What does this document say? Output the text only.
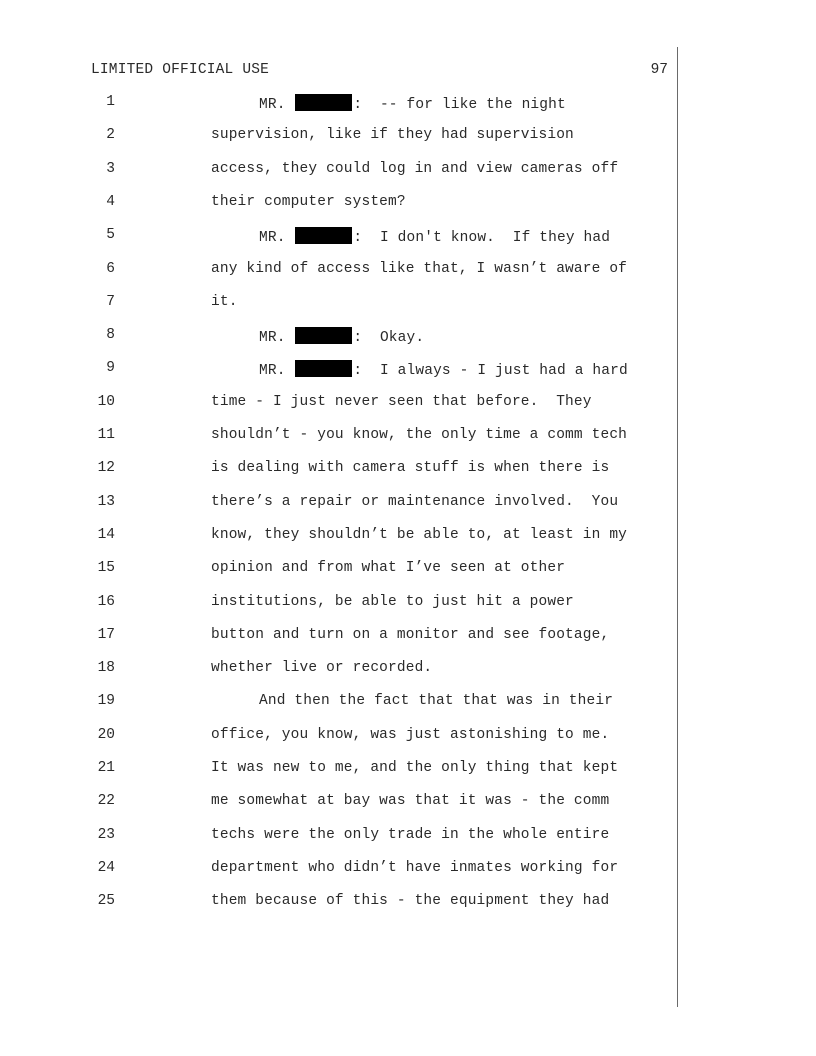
LIMITED OFFICIAL USE	97
1	MR.	:  -- for like the night
2	supervision, like if they had supervision
3	access, they could log in and view cameras off
4	their computer system?
5	MR.	:  I don't know.  If they had
6	any kind of access like that, I wasn’t aware of
7	it.
8	MR.	:  Okay.
9	MR.	:  I always - I just had a hard
10	time - I just never seen that before.  They
11	shouldn’t - you know, the only time a comm tech
12	is dealing with camera stuff is when there is
13	there’s a repair or maintenance involved.  You
14	know, they shouldn’t be able to, at least in my
15	opinion and from what I’ve seen at other
16	institutions, be able to just hit a power
17	button and turn on a monitor and see footage,
18	whether live or recorded.
19	And then the fact that that was in their
20	office, you know, was just astonishing to me.
21	It was new to me, and the only thing that kept
22	me somewhat at bay was that it was - the comm
23	techs were the only trade in the whole entire
24	department who didn’t have inmates working for
25	them because of this - the equipment they had
